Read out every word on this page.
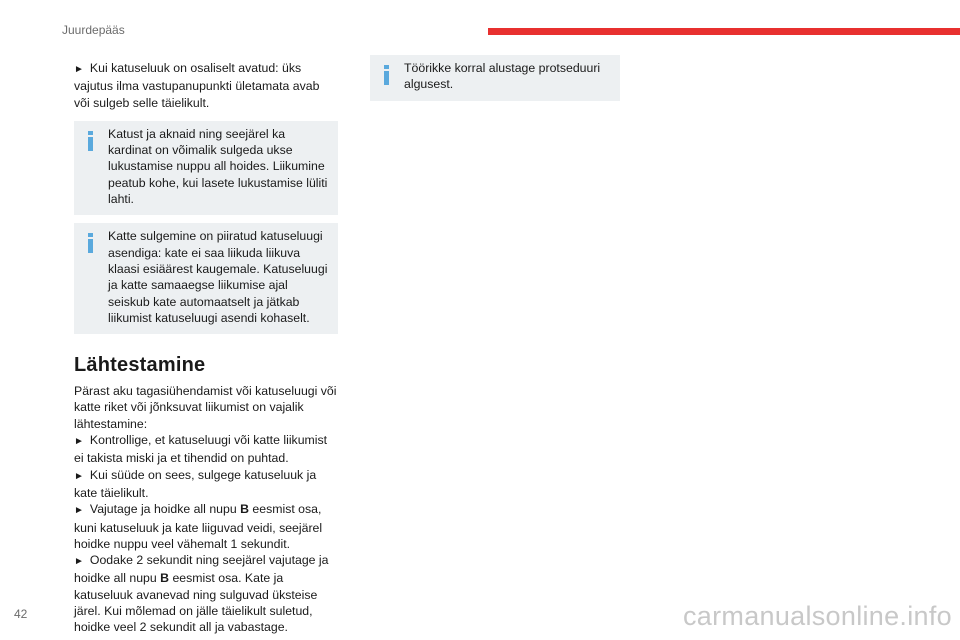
Juurdepääs

► Kui katuseluuk on osaliselt avatud: üks vajutus ilma vastupanupunkti ületamata avab või sulgeb selle täielikult.

Katust ja aknaid ning seejärel ka kardinat on võimalik sulgeda ukse lukustamise nuppu all hoides. Liikumine peatub kohe, kui lasete lukustamise lüliti lahti.
Katte sulgemine on piiratud katuseluugi asendiga: kate ei saa liikuda liikuva klaasi esiäärest kaugemale. Katuseluugi ja katte samaaegse liikumise ajal seiskub kate automaatselt ja jätkab liikumist katuseluugi asendi kohaselt.
Lähtestamine

Pärast aku tagasiühendamist või katuseluugi või katte riket või jõnksuvat liikumist on vajalik lähtestamine:

► Kontrollige, et katuseluugi või katte liikumist ei takista miski ja et tihendid on puhtad.

► Kui süüde on sees, sulgege katuseluuk ja kate täielikult.

► Vajutage ja hoidke all nupu B eesmist osa, kuni katuseluuk ja kate liiguvad veidi, seejärel hoidke nuppu veel vähemalt 1 sekundit.

► Oodake 2 sekundit ning seejärel vajutage ja hoidke all nupu B eesmist osa. Kate ja katuseluuk avanevad ning sulguvad üksteise järel. Kui mõlemad on jälle täielikult suletud, hoidke veel 2 sekundit all ja vabastage.

Töörikke korral alustage protseduuri algusest.
42	carmanualsonline.info
